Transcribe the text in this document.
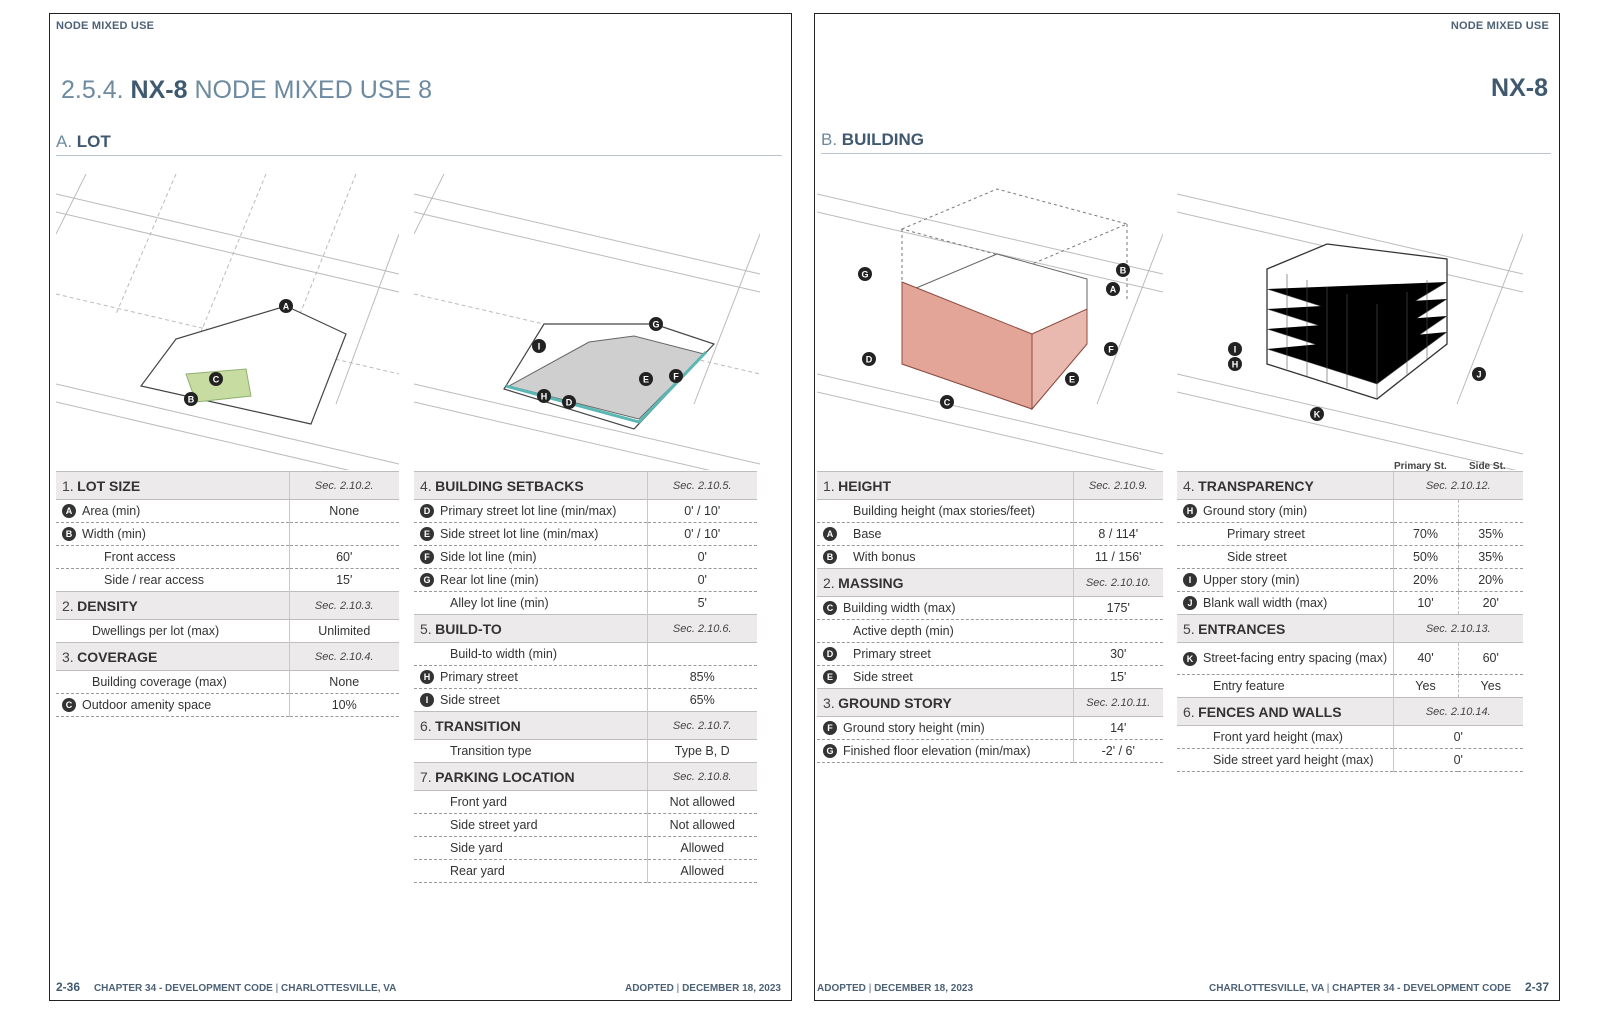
NODE MIXED USE
2.5.4. NX-8 NODE MIXED USE 8
A. LOT
A
B
C
D
E	F
G
H
I
1. LOT SIZE	Sec. 2.10.2.

A Area (min)	None

B Width (min)	

Front access	60'

Side / rear access	15'
2. DENSITY	Sec. 2.10.3.

Dwellings per lot (max)	Unlimited
3. COVERAGE	Sec. 2.10.4.

Building coverage (max)	None

C Outdoor amenity space	10%
4. BUILDING SETBACKS	Sec. 2.10.5.

D Primary street lot line (min/max)	0' / 10'

E Side street lot line (min/max)	0' / 10'

F Side lot line (min)	0'

G Rear lot line (min)	0'

Alley lot line (min)	5'
5. BUILD-TO	Sec. 2.10.6.

Build-to width (min)	

H Primary street	85%

I Side street	65%
6. TRANSITION	Sec. 2.10.7.

Transition type	Type B, D
7. PARKING LOCATION	Sec. 2.10.8.

Front yard	Not allowed

Side street yard	Not allowed

Side yard	Allowed

Rear yard	Allowed
2-36 CHAPTER 34 - DEVELOPMENT CODE | CHARLOTTESVILLE, VA	ADOPTED | DECEMBER 18, 2023
NODE MIXED USE
NX-8
B. BUILDING
A
B
C
D
E
F
G
H
I
J
K
Primary St. Side St.
1. HEIGHT	Sec. 2.10.9.

Building height (max stories/feet)	

A Base	8 / 114'

B With bonus	11 / 156'
2. MASSING	Sec. 2.10.10.

C Building width (max)	175'

Active depth (min)	

D Primary street	30'

E Side street	15'
3. GROUND STORY	Sec. 2.10.11.

F Ground story height (min)	14'

G Finished floor elevation (min/max)	-2' / 6'
4. TRANSPARENCY	Sec. 2.10.12.	

H Ground story (min)		

Primary street	70%	35%

Side street	50%	35%

I Upper story (min)	20%	20%

J Blank wall width (max)	10'	20'
5. ENTRANCES	Sec. 2.10.13.	

K Street-facing entry spacing (max)	40'	60'

Entry feature	Yes	Yes
6. FENCES AND WALLS	Sec. 2.10.14.	

Front yard height (max)	0'	

Side street yard height (max)	0'	
ADOPTED | DECEMBER 18, 2023	CHARLOTTESVILLE, VA | CHAPTER 34 - DEVELOPMENT CODE 2-37
